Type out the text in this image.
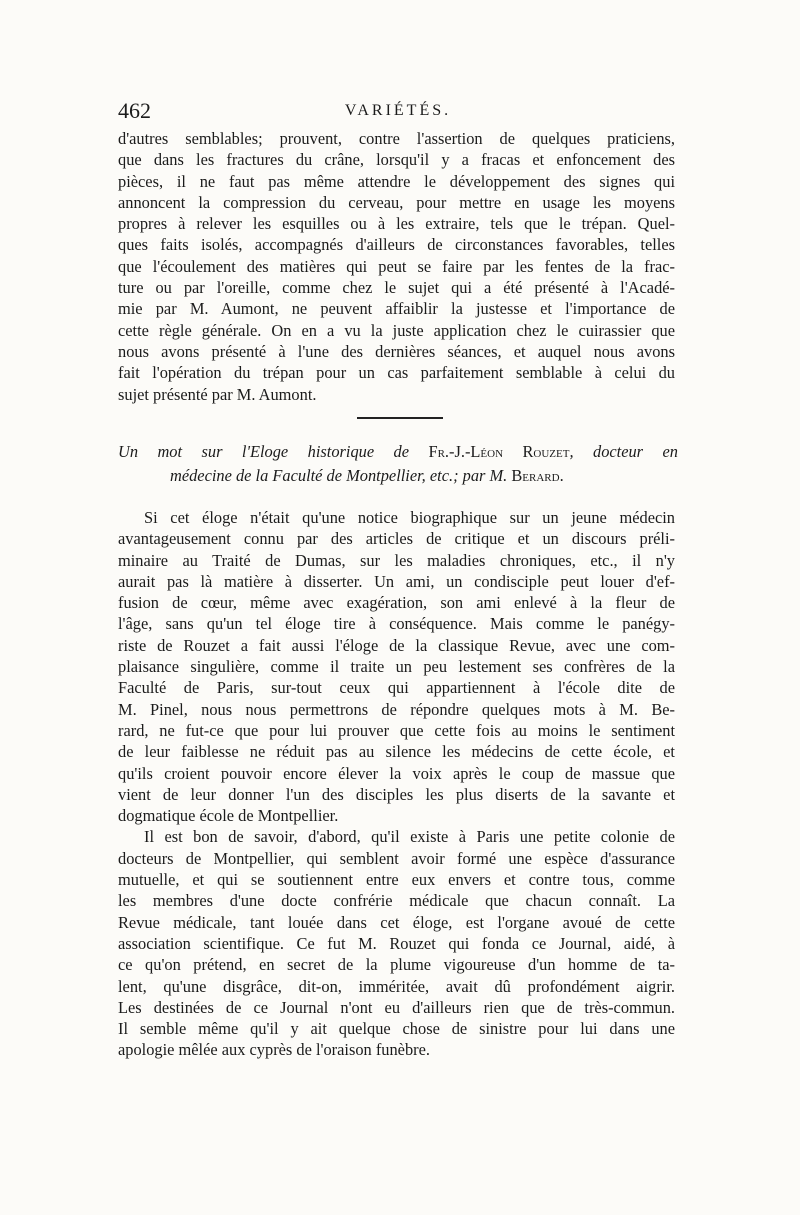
462	VARIÉTÉS.
d'autres semblables; prouvent, contre l'assertion de quelques praticiens,
que dans les fractures du crâne, lorsqu'il y a fracas et enfoncement des
pièces, il ne faut pas même attendre le développement des signes qui
annoncent la compression du cerveau, pour mettre en usage les moyens
propres à relever les esquilles ou à les extraire, tels que le trépan. Quel-
ques faits isolés, accompagnés d'ailleurs de circonstances favorables, telles
que l'écoulement des matières qui peut se faire par les fentes de la frac-
ture ou par l'oreille, comme chez le sujet qui a été présenté à l'Acadé-
mie par M. Aumont, ne peuvent affaiblir la justesse et l'importance de
cette règle générale. On en a vu la juste application chez le cuirassier que
nous avons présenté à l'une des dernières séances, et auquel nous avons
fait l'opération du trépan pour un cas parfaitement semblable à celui du
sujet présenté par M. Aumont.
Un mot sur l'Eloge historique de Fr.-J.-Léon Rouzet, docteur en
médecine de la Faculté de Montpellier, etc.; par M. Berard.
Si cet éloge n'était qu'une notice biographique sur un jeune médecin
avantageusement connu par des articles de critique et un discours préli-
minaire au Traité de Dumas, sur les maladies chroniques, etc., il n'y
aurait pas là matière à disserter. Un ami, un condisciple peut louer d'ef-
fusion de cœur, même avec exagération, son ami enlevé à la fleur de
l'âge, sans qu'un tel éloge tire à conséquence. Mais comme le panégy-
riste de Rouzet a fait aussi l'éloge de la classique Revue, avec une com-
plaisance singulière, comme il traite un peu lestement ses confrères de la
Faculté de Paris, sur-tout ceux qui appartiennent à l'école dite de
M. Pinel, nous nous permettrons de répondre quelques mots à M. Be-
rard, ne fut-ce que pour lui prouver que cette fois au moins le sentiment
de leur faiblesse ne réduit pas au silence les médecins de cette école, et
qu'ils croient pouvoir encore élever la voix après le coup de massue que
vient de leur donner l'un des disciples les plus diserts de la savante et
dogmatique école de Montpellier.
Il est bon de savoir, d'abord, qu'il existe à Paris une petite colonie de
docteurs de Montpellier, qui semblent avoir formé une espèce d'assurance
mutuelle, et qui se soutiennent entre eux envers et contre tous, comme
les membres d'une docte confrérie médicale que chacun connaît. La
Revue médicale, tant louée dans cet éloge, est l'organe avoué de cette
association scientifique. Ce fut M. Rouzet qui fonda ce Journal, aidé, à
ce qu'on prétend, en secret de la plume vigoureuse d'un homme de ta-
lent, qu'une disgrâce, dit-on, imméritée, avait dû profondément aigrir.
Les destinées de ce Journal n'ont eu d'ailleurs rien que de très-commun.
Il semble même qu'il y ait quelque chose de sinistre pour lui dans une
apologie mêlée aux cyprès de l'oraison funèbre.
